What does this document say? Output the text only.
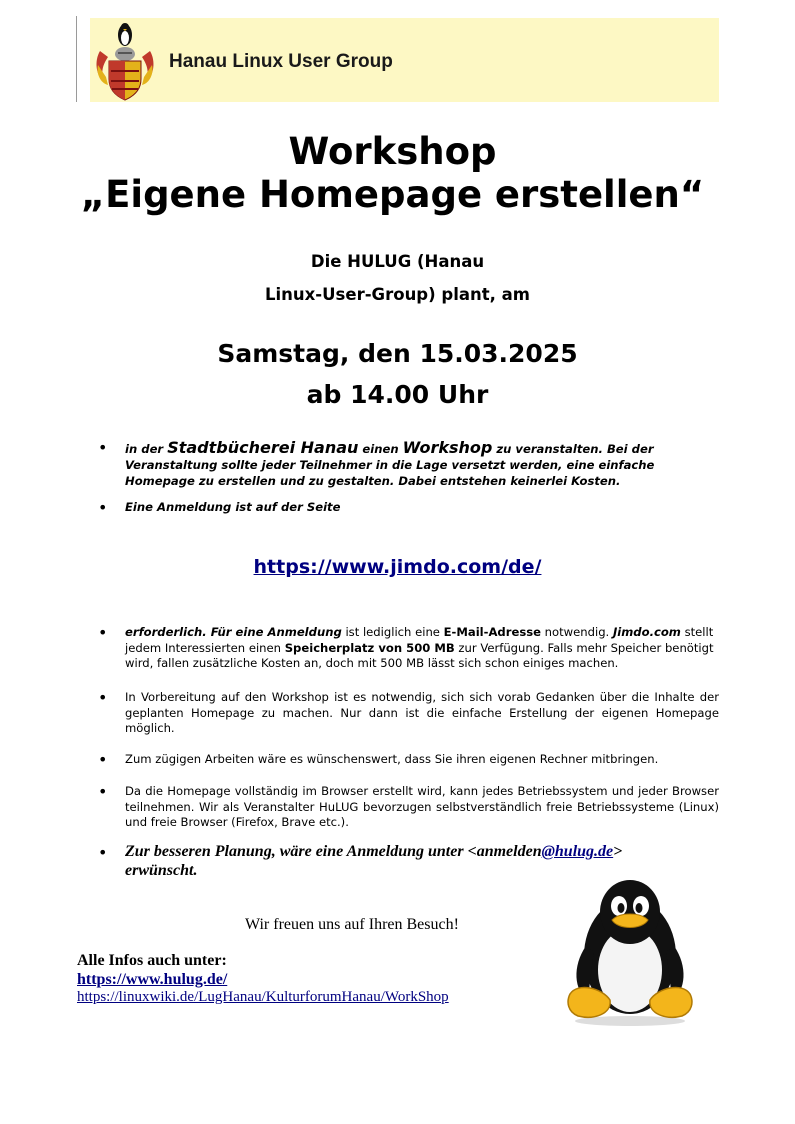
Hanau Linux User Group
Workshop
„Eigene Homepage erstellen“
Die HULUG (Hanau
Linux-User-Group) plant, am
Samstag, den 15.03.2025
ab 14.00 Uhr
• in der Stadtbücherei Hanau einen Workshop zu veranstalten. Bei der Veranstaltung sollte jeder Teilnehmer in die Lage versetzt werden, eine einfache Homepage zu erstellen und zu gestalten. Dabei entstehen keinerlei Kosten.
• Eine Anmeldung ist auf der Seite
https://www.jimdo.com/de/
• erforderlich. Für eine Anmeldung ist lediglich eine E-Mail-Adresse notwendig. Jimdo.com stellt jedem Interessierten einen Speicherplatz von 500 MB zur Verfügung. Falls mehr Speicher benötigt wird, fallen zusätzliche Kosten an, doch mit 500 MB lässt sich schon einiges machen.
• In Vorbereitung auf den Workshop ist es notwendig, sich sich vorab Gedanken über die Inhalte der geplanten Homepage zu machen. Nur dann ist die einfache Erstellung der eigenen Homepage möglich.
• Zum zügigen Arbeiten wäre es wünschenswert, dass Sie ihren eigenen Rechner mitbringen.
• Da die Homepage vollständig im Browser erstellt wird, kann jedes Betriebssystem und jeder Browser teilnehmen. Wir als Veranstalter HuLUG bevorzugen selbstverständlich freie Betriebssysteme (Linux) und freie Browser (Firefox, Brave etc.).
• Zur besseren Planung, wäre eine Anmeldung unter <anmelden@hulug.de>
erwünscht.
Wir freuen uns auf Ihren Besuch!
Alle Infos auch unter:
https://www.hulug.de/
https://linuxwiki.de/LugHanau/KulturforumHanau/WorkShop
